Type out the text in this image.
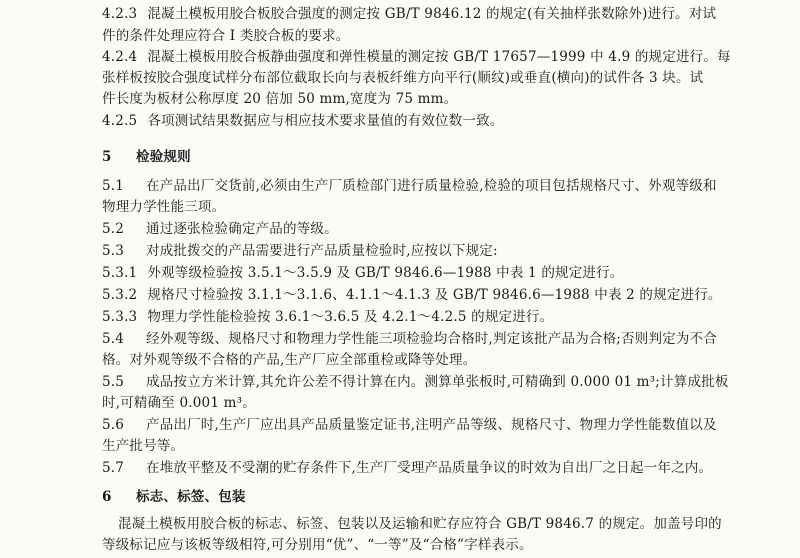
4.2.3 混凝土模板用胶合板胶合强度的测定按 GB/T 9846.12 的规定(有关抽样张数除外)进行。对试
件的条件处理应符合 I 类胶合板的要求。
4.2.4 混凝土模板用胶合板静曲强度和弹性模量的测定按 GB/T 17657—1999 中 4.9 的规定进行。每
张样板按胶合强度试样分布部位截取长向与表板纤维方向平行(顺纹)或垂直(横向)的试件各 3 块。试
件长度为板材公称厚度 20 倍加 50 mm,宽度为 75 mm。
4.2.5 各项测试结果数据应与相应技术要求量值的有效位数一致。
5 检验规则
5.1 在产品出厂交货前,必须由生产厂质检部门进行质量检验,检验的项目包括规格尺寸、外观等级和
物理力学性能三项。
5.2 通过逐张检验确定产品的等级。
5.3 对成批拨交的产品需要进行产品质量检验时,应按以下规定:
5.3.1 外观等级检验按 3.5.1～3.5.9 及 GB/T 9846.6—1988 中表 1 的规定进行。
5.3.2 规格尺寸检验按 3.1.1～3.1.6、4.1.1～4.1.3 及 GB/T 9846.6—1988 中表 2 的规定进行。
5.3.3 物理力学性能检验按 3.6.1～3.6.5 及 4.2.1～4.2.5 的规定进行。
5.4 经外观等级、规格尺寸和物理力学性能三项检验均合格时,判定该批产品为合格;否则判定为不合
格。对外观等级不合格的产品,生产厂应全部重检或降等处理。
5.5 成品按立方米计算,其允许公差不得计算在内。测算单张板时,可精确到 0.000 01 m³;计算成批板
时,可精确至 0.001 m³。
5.6 产品出厂时,生产厂应出具产品质量鉴定证书,注明产品等级、规格尺寸、物理力学性能数值以及
生产批号等。
5.7 在堆放平整及不受潮的贮存条件下,生产厂受理产品质量争议的时效为自出厂之日起一年之内。
6 标志、标签、包装
混凝土模板用胶合板的标志、标签、包装以及运输和贮存应符合 GB/T 9846.7 的规定。加盖号印的
等级标记应与该板等级相符,可分别用“优”、“一等”及“合格”字样表示。
